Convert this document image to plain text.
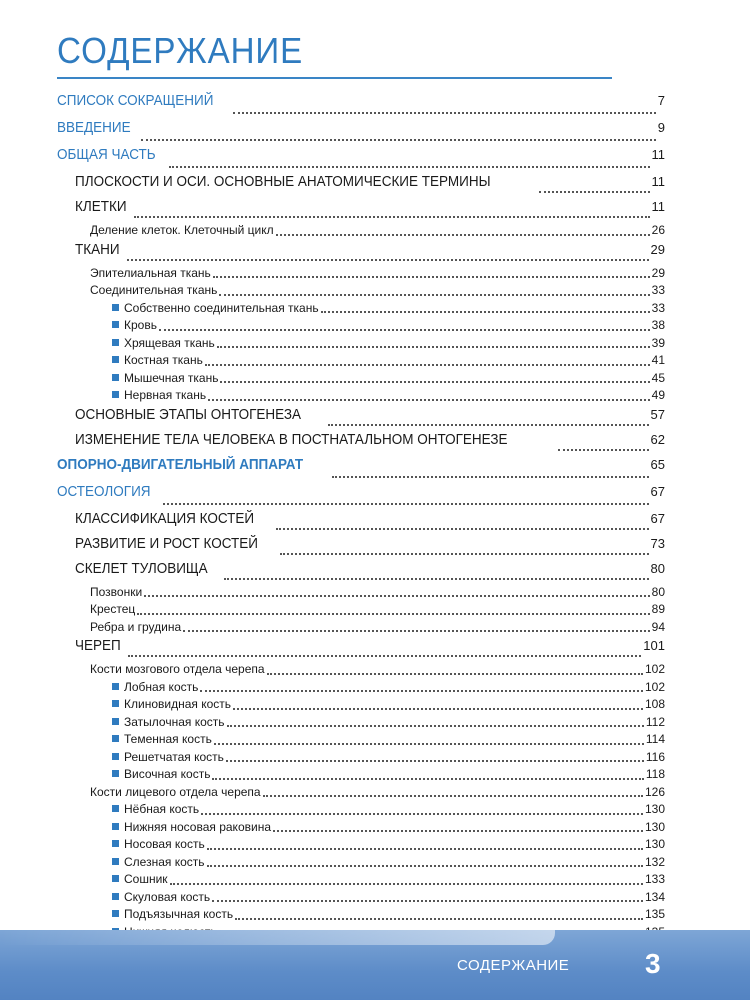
СОДЕРЖАНИЕ
СПИСОК СОКРАЩЕНИЙ	7
ВВЕДЕНИЕ	9
ОБЩАЯ ЧАСТЬ	11
ПЛОСКОСТИ И ОСИ. ОСНОВНЫЕ АНАТОМИЧЕСКИЕ ТЕРМИНЫ	11
КЛЕТКИ	11
Деление клеток. Клеточный цикл	26
ТКАНИ	29
Эпителиальная ткань	29
Соединительная ткань	33
Собственно соединительная ткань	33
Кровь	38
Хрящевая ткань	39
Костная ткань	41
Мышечная ткань	45
Нервная ткань	49
ОСНОВНЫЕ ЭТАПЫ ОНТОГЕНЕЗА	57
ИЗМЕНЕНИЕ ТЕЛА ЧЕЛОВЕКА В ПОСТНАТАЛЬНОМ ОНТОГЕНЕЗЕ	62
ОПОРНО-ДВИГАТЕЛЬНЫЙ АППАРАТ	65
ОСТЕОЛОГИЯ	67
КЛАССИФИКАЦИЯ КОСТЕЙ	67
РАЗВИТИЕ И РОСТ КОСТЕЙ	73
СКЕЛЕТ ТУЛОВИЩА	80
Позвонки	80
Крестец	89
Ребра и грудина	94
ЧЕРЕП	101
Кости мозгового отдела черепа	102
Лобная кость	102
Клиновидная кость	108
Затылочная кость	112
Теменная кость	114
Решетчатая кость	116
Височная кость	118
Кости лицевого отдела черепа	126
Нёбная кость	130
Нижняя носовая раковина	130
Носовая кость	130
Слезная кость	132
Сошник	133
Скуловая кость	134
Подъязычная кость	135
СОДЕРЖАНИЕ	3
